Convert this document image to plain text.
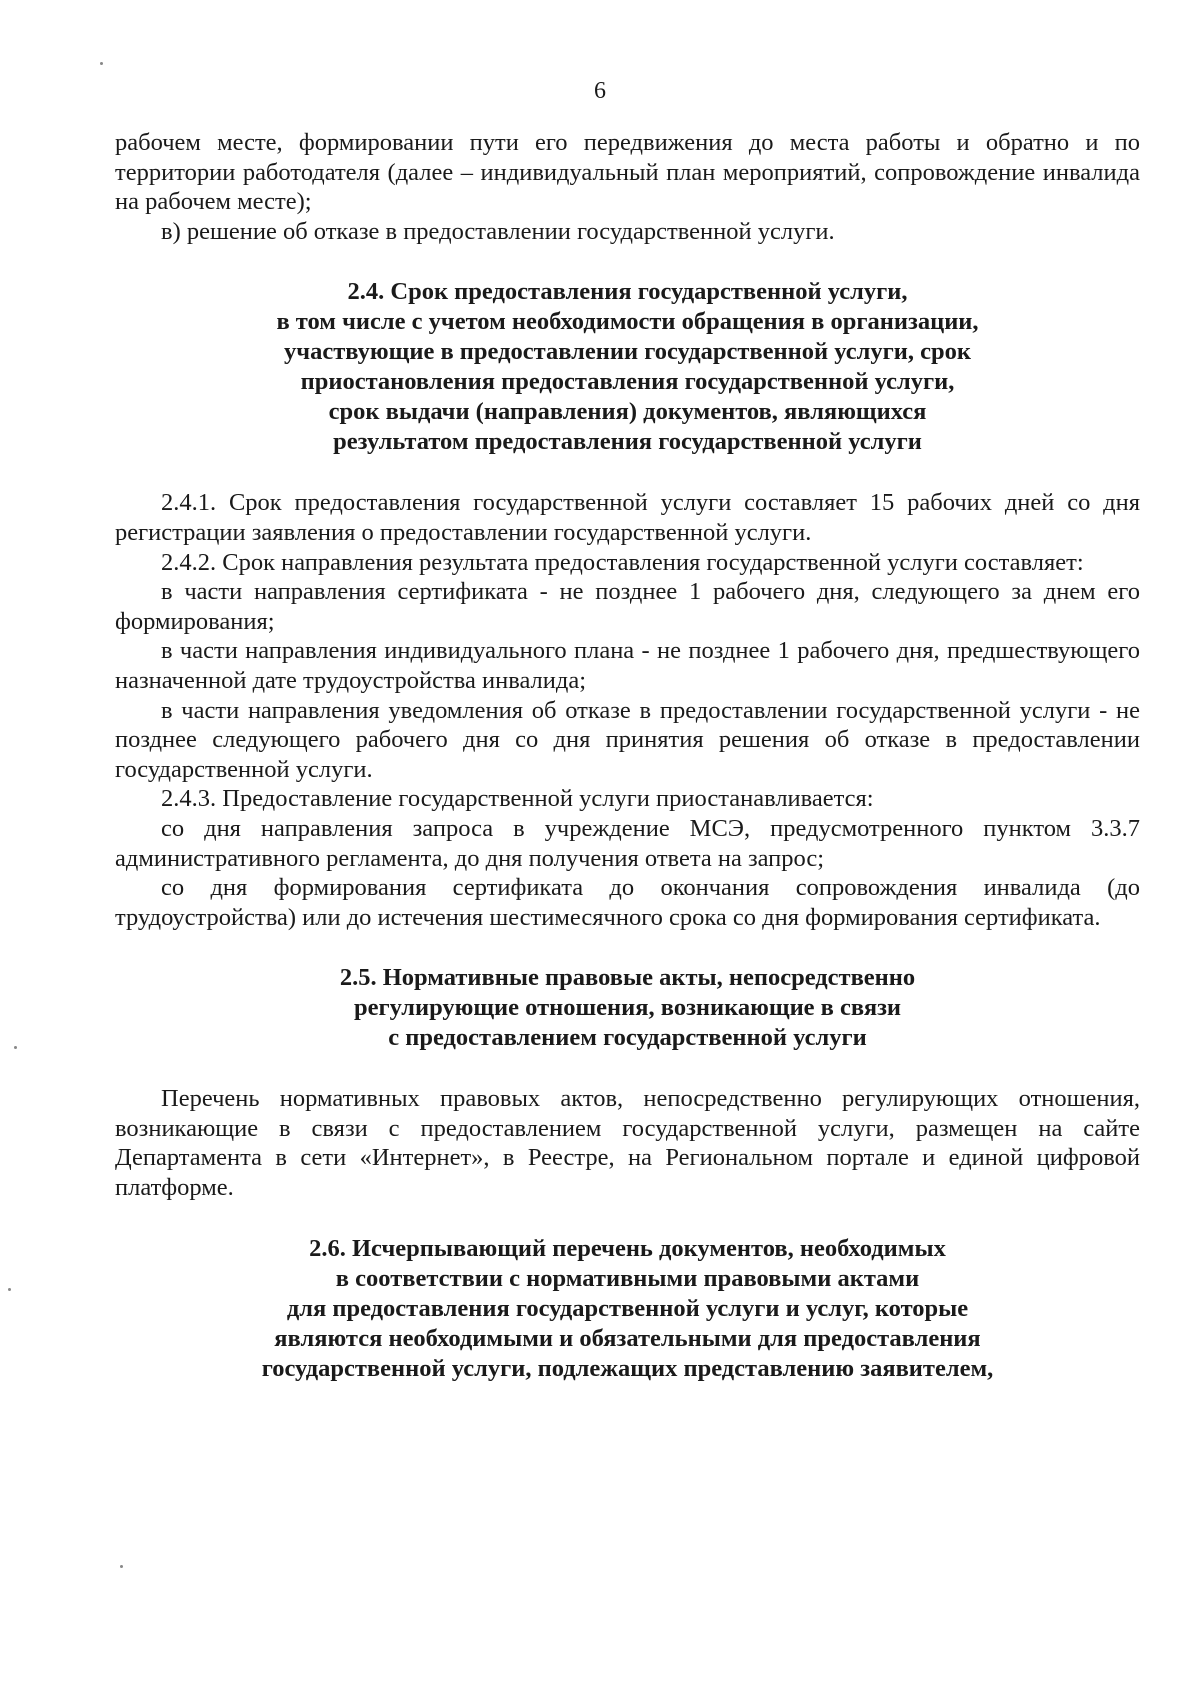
6

рабочем месте, формировании пути его передвижения до места работы и обратно и по территории работодателя (далее – индивидуальный план мероприятий, сопровождение инвалида на рабочем месте);

в) решение об отказе в предоставлении государственной услуги.

2.4. Срок предоставления государственной услуги,
в том числе с учетом необходимости обращения в организации,
участвующие в предоставлении государственной услуги, срок
приостановления предоставления государственной услуги,
срок выдачи (направления) документов, являющихся
результатом предоставления государственной услуги

2.4.1. Срок предоставления государственной услуги составляет 15 рабочих дней со дня регистрации заявления о предоставлении государственной услуги.

2.4.2. Срок направления результата предоставления государственной услуги составляет:

в части направления сертификата - не позднее 1 рабочего дня, следующего за днем его формирования;

в части направления индивидуального плана - не позднее 1 рабочего дня, предшествующего назначенной дате трудоустройства инвалида;

в части направления уведомления об отказе в предоставлении государственной услуги - не позднее следующего рабочего дня со дня принятия решения об отказе в предоставлении государственной услуги.

2.4.3. Предоставление государственной услуги приостанавливается:

со дня направления запроса в учреждение МСЭ, предусмотренного пунктом 3.3.7 административного регламента, до дня получения ответа на запрос;

со дня формирования сертификата до окончания сопровождения инвалида (до трудоустройства) или до истечения шестимесячного срока со дня формирования сертификата.

2.5. Нормативные правовые акты, непосредственно
регулирующие отношения, возникающие в связи
с предоставлением государственной услуги

Перечень нормативных правовых актов, непосредственно регулирующих отношения, возникающие в связи с предоставлением государственной услуги, размещен на сайте Департамента в сети «Интернет», в Реестре, на Региональном портале и единой цифровой платформе.

2.6. Исчерпывающий перечень документов, необходимых
в соответствии с нормативными правовыми актами
для предоставления государственной услуги и услуг, которые
являются необходимыми и обязательными для предоставления
государственной услуги, подлежащих представлению заявителем,
